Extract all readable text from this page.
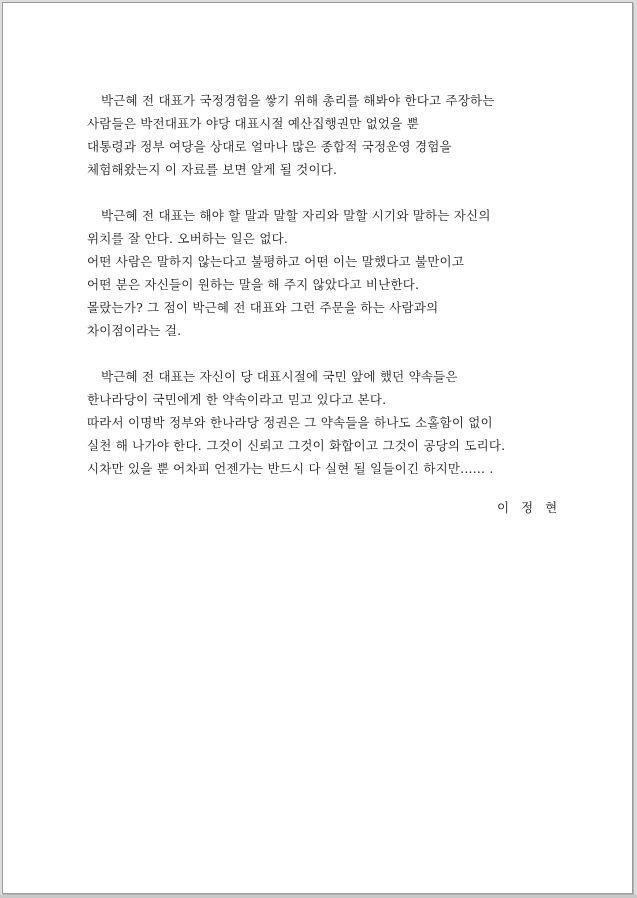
박근혜 전 대표가 국정경험을 쌓기 위해 총리를 해봐야 한다고 주장하는
사람들은 박전대표가 야당 대표시절 예산집행권만 없었을 뿐
대통령과 정부 여당을 상대로 얼마나 많은 종합적 국정운영 경험을
체험해왔는지 이 자료를 보면 알게 될 것이다.
박근혜 전 대표는 해야 할 말과 말할 자리와 말할 시기와 말하는 자신의
위치를 잘 안다. 오버하는 일은 없다.
어떤 사람은 말하지 않는다고 불평하고 어떤 이는 말했다고 불만이고
어떤 분은 자신들이 원하는 말을 해 주지 않았다고 비난한다.
몰랐는가? 그 점이 박근혜 전 대표와 그런 주문을 하는 사람과의
차이점이라는 걸.
박근혜 전 대표는 자신이 당 대표시절에 국민 앞에 했던 약속들은
한나라당이 국민에게 한 약속이라고 믿고 있다고 본다.
따라서 이명박 정부와 한나라당 정권은 그 약속들을 하나도 소홀함이 없이
실천 해 나가야 한다. 그것이 신뢰고 그것이 화합이고 그것이 공당의 도리다.
시차만 있을 뿐 어차피 언젠가는 반드시 다 실현 될 일들이긴 하지만...... .
이 정 현
